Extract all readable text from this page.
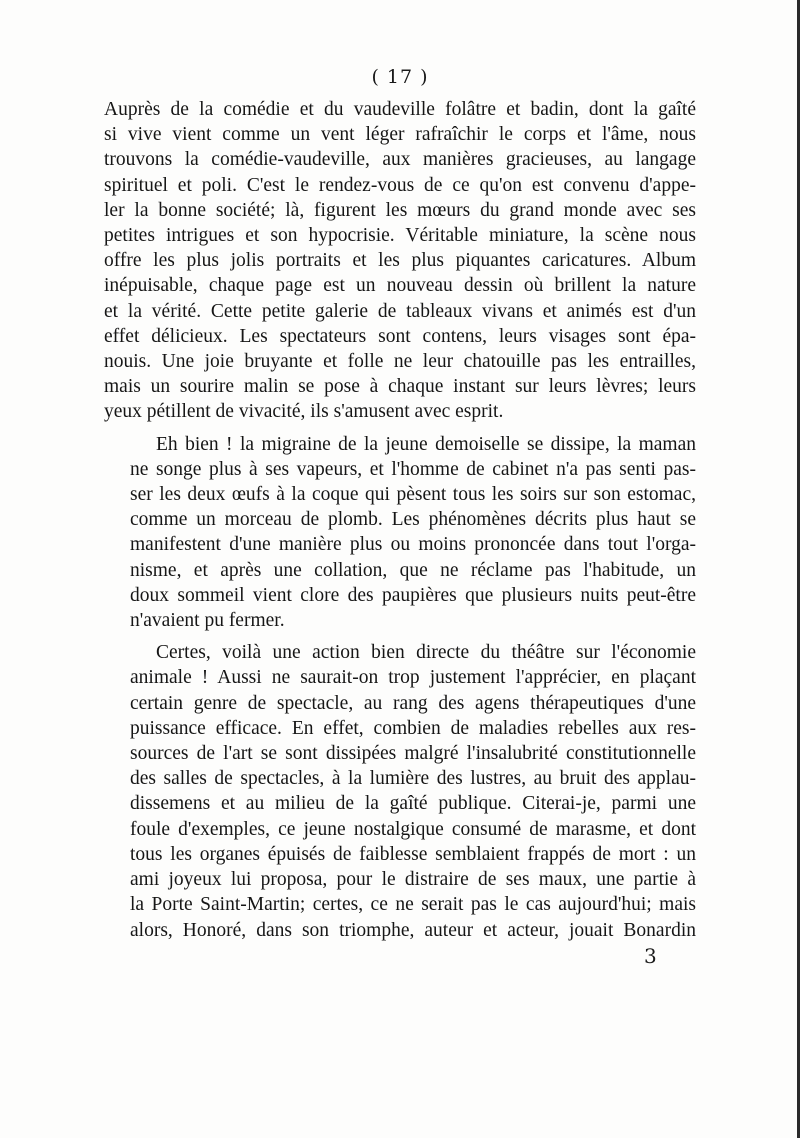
( 17 )

Auprès de la comédie et du vaudeville folâtre et badin, dont la gaîté
si vive vient comme un vent léger rafraîchir le corps et l'âme, nous
trouvons la comédie-vaudeville, aux manières gracieuses, au langage
spirituel et poli. C'est le rendez-vous de ce qu'on est convenu d'appe-
ler la bonne société; là, figurent les mœurs du grand monde avec ses
petites intrigues et son hypocrisie. Véritable miniature, la scène nous
offre les plus jolis portraits et les plus piquantes caricatures. Album
inépuisable, chaque page est un nouveau dessin où brillent la nature
et la vérité. Cette petite galerie de tableaux vivans et animés est d'un
effet délicieux. Les spectateurs sont contens, leurs visages sont épa-
nouis. Une joie bruyante et folle ne leur chatouille pas les entrailles,
mais un sourire malin se pose à chaque instant sur leurs lèvres; leurs
yeux pétillent de vivacité, ils s'amusent avec esprit.

Eh bien ! la migraine de la jeune demoiselle se dissipe, la maman
ne songe plus à ses vapeurs, et l'homme de cabinet n'a pas senti pas-
ser les deux œufs à la coque qui pèsent tous les soirs sur son estomac,
comme un morceau de plomb. Les phénomènes décrits plus haut se
manifestent d'une manière plus ou moins prononcée dans tout l'orga-
nisme, et après une collation, que ne réclame pas l'habitude, un
doux sommeil vient clore des paupières que plusieurs nuits peut-être
n'avaient pu fermer.

Certes, voilà une action bien directe du théâtre sur l'économie
animale ! Aussi ne saurait-on trop justement l'apprécier, en plaçant
certain genre de spectacle, au rang des agens thérapeutiques d'une
puissance efficace. En effet, combien de maladies rebelles aux res-
sources de l'art se sont dissipées malgré l'insalubrité constitutionnelle
des salles de spectacles, à la lumière des lustres, au bruit des applau-
dissemens et au milieu de la gaîté publique. Citerai-je, parmi une
foule d'exemples, ce jeune nostalgique consumé de marasme, et dont
tous les organes épuisés de faiblesse semblaient frappés de mort : un
ami joyeux lui proposa, pour le distraire de ses maux, une partie à
la Porte Saint-Martin; certes, ce ne serait pas le cas aujourd'hui; mais
alors, Honoré, dans son triomphe, auteur et acteur, jouait Bonardin

3
